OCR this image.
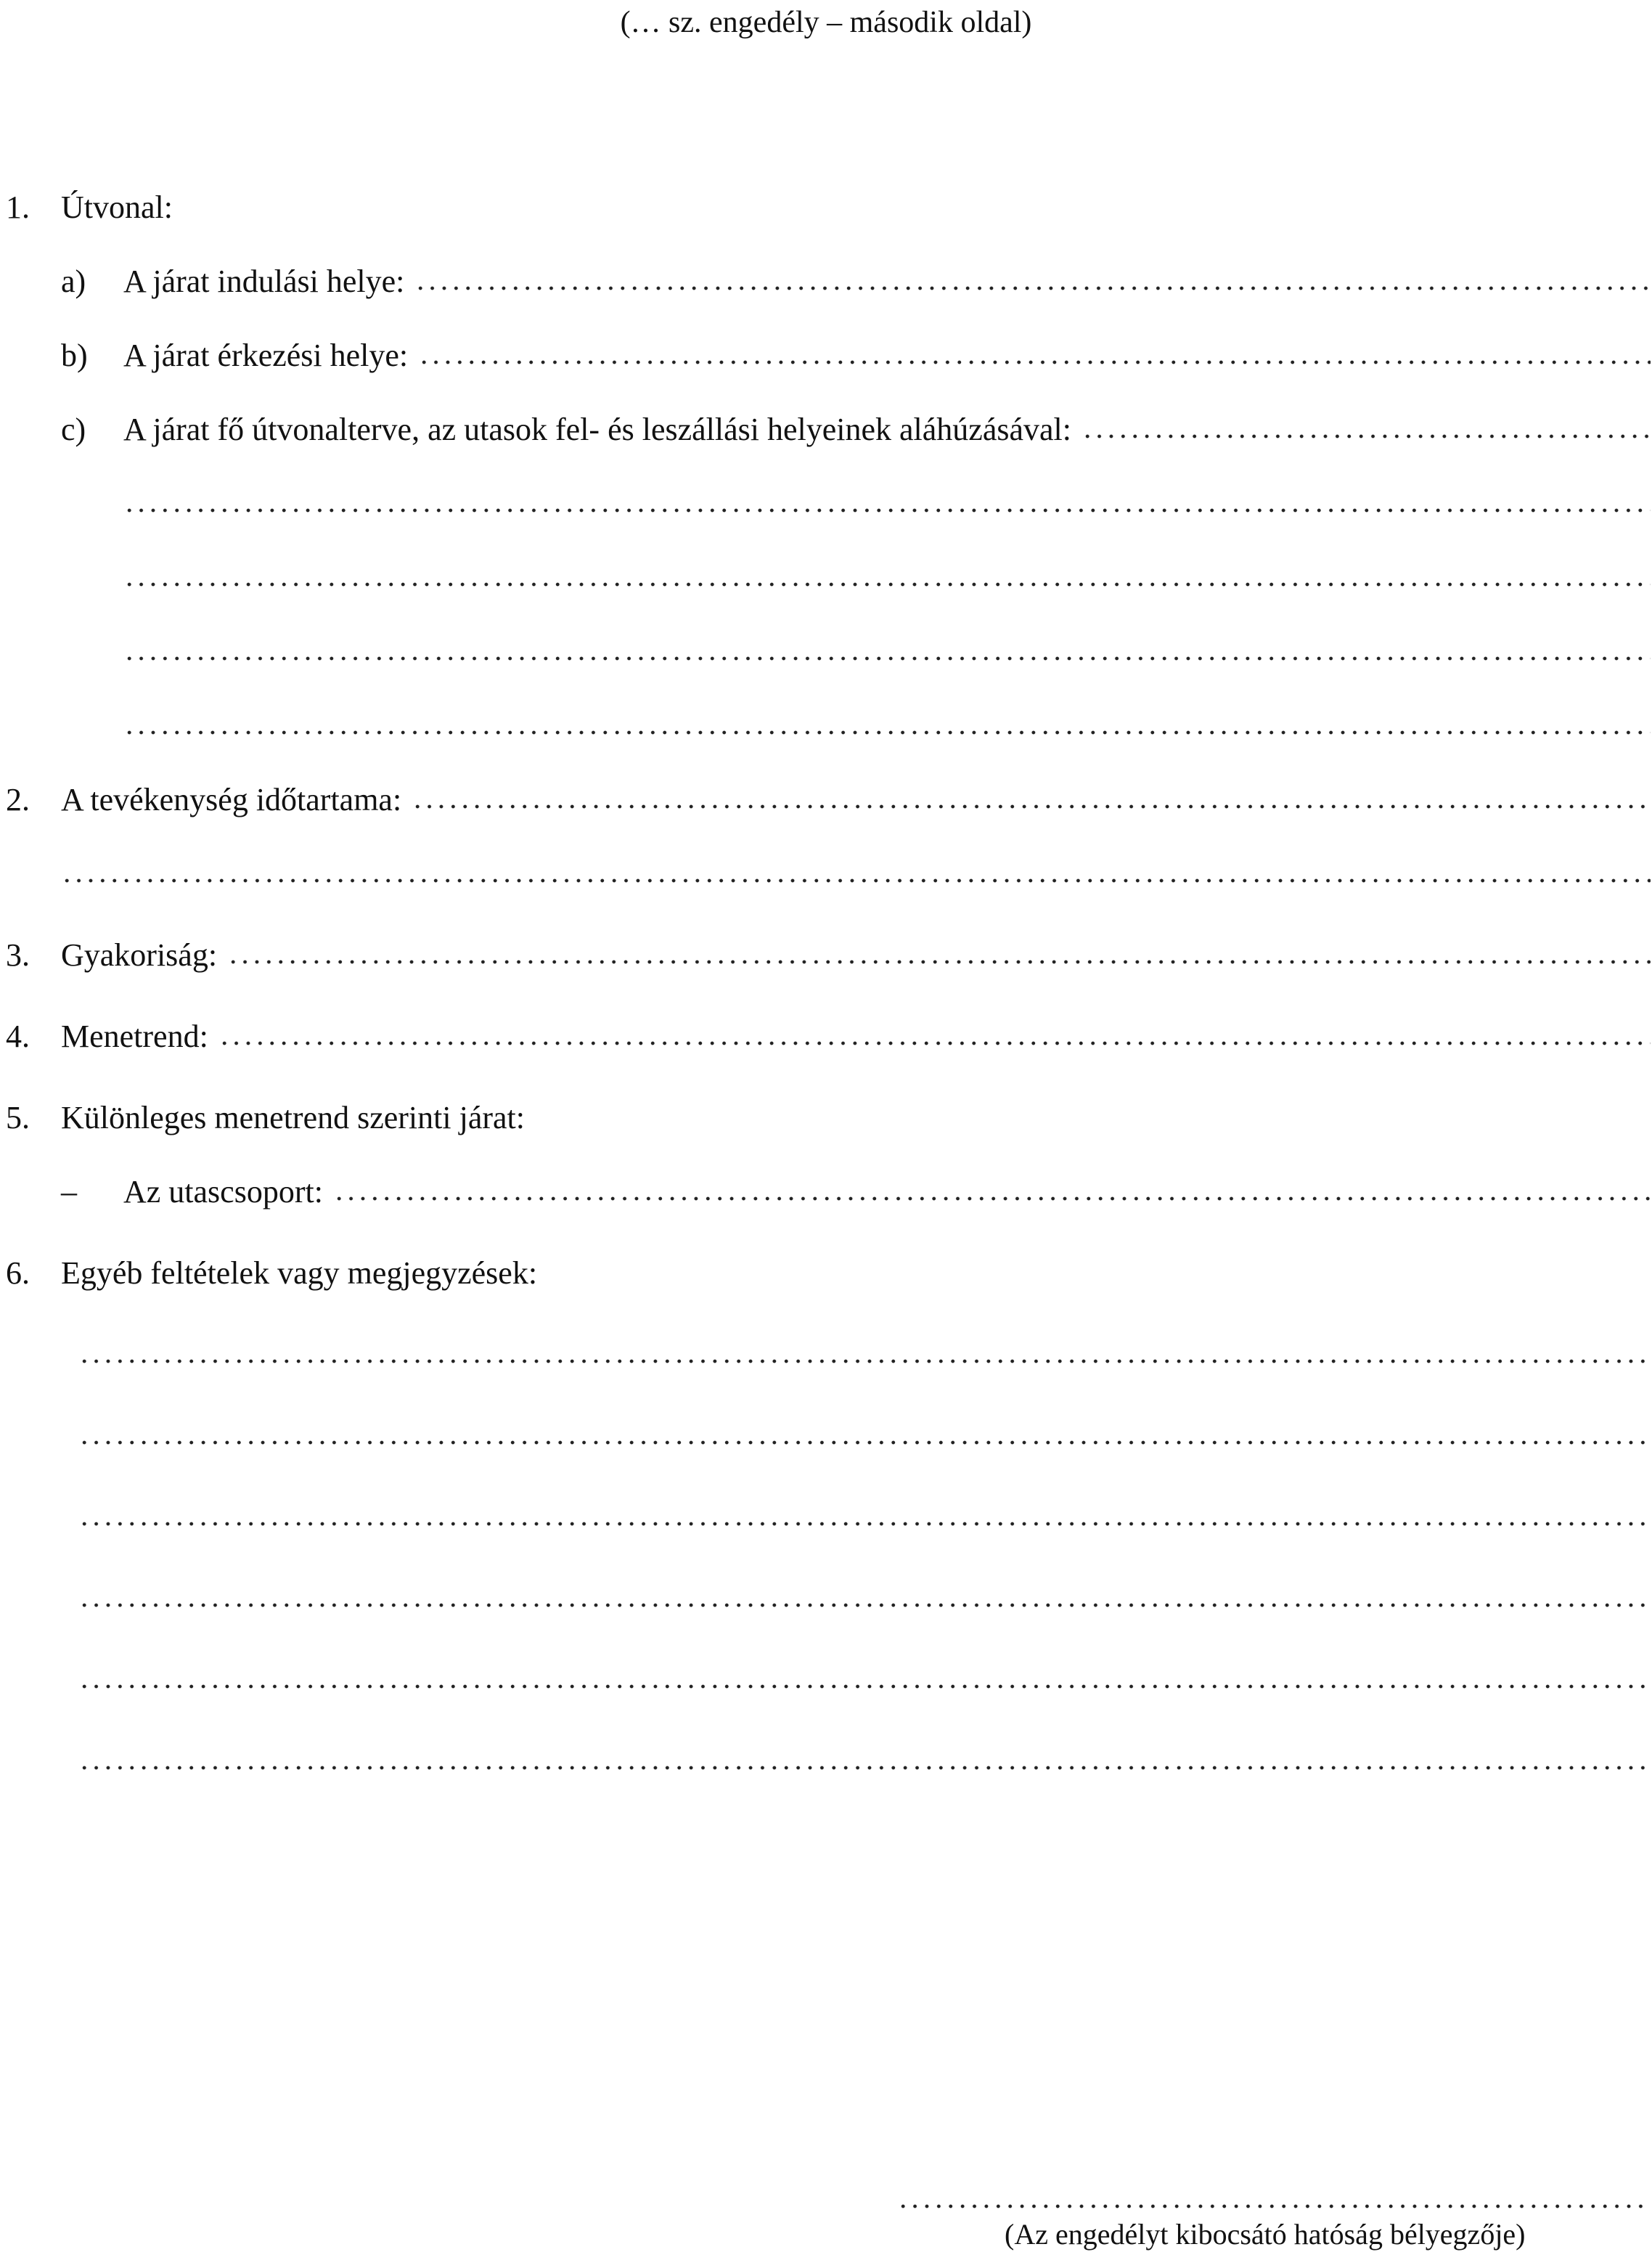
(… sz. engedély – második oldal)
1. Útvonal:
a)	A járat indulási helye:
b)	A járat érkezési helye:
c)	A járat fő útvonalterve, az utasok fel- és leszállási helyeinek aláhúzásával:
2. A tevékenység időtartama:
3. Gyakoriság:
4. Menetrend:
5. Különleges menetrend szerinti járat:
–	Az utascsoport:
6. Egyéb feltételek vagy megjegyzések:
(Az engedélyt kibocsátó hatóság bélyegzője)
